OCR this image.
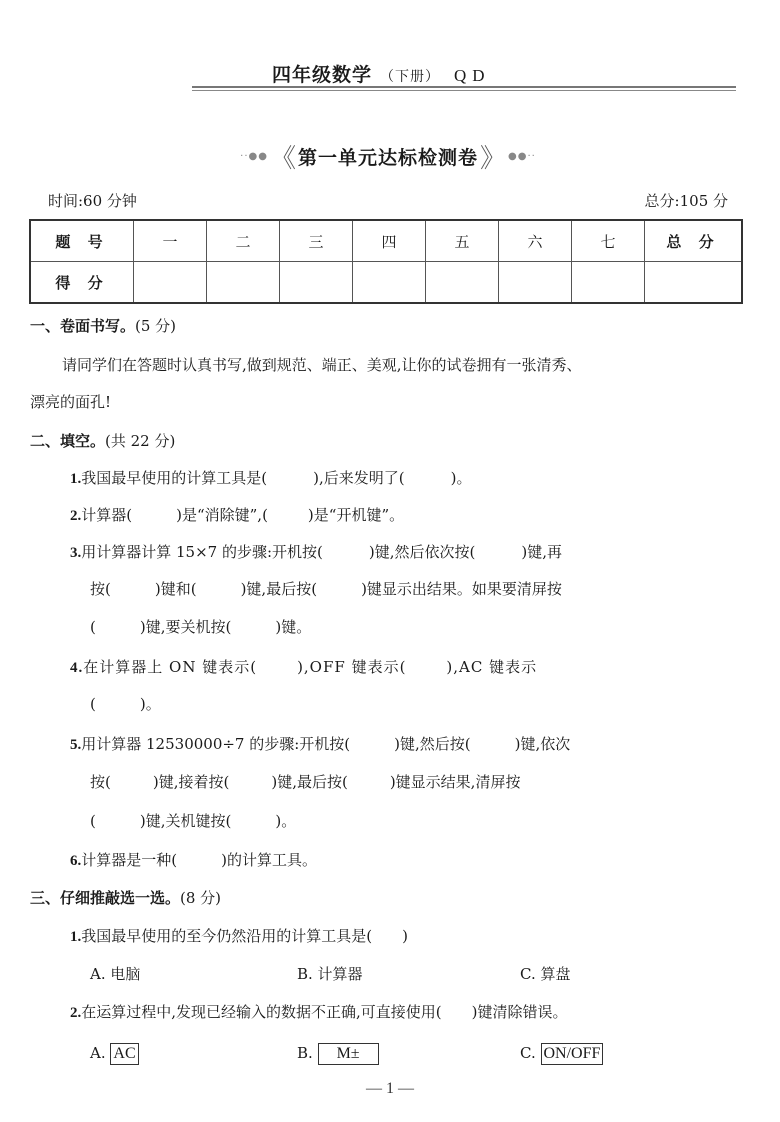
四年级数学 （下册） QD
··●● 《 第一单元达标检测卷 》 ●●··
时间:60 分钟	总分:105 分
题 号	一	二	三	四	五	六	七	总 分
得 分								
一、卷面书写。(5 分)
请同学们在答题时认真书写,做到规范、端正、美观,让你的试卷拥有一张清秀、
漂亮的面孔!
二、填空。(共 22 分)
1.我国最早使用的计算工具是(	),后来发明了(	)。
2.计算器(	)是“消除键”,(	)是“开机键”。
3.用计算器计算 15×7 的步骤:开机按(	)键,然后依次按(	)键,再
按(	)键和(	)键,最后按(	)键显示出结果。如果要清屏按
(	)键,要关机按(	)键。
4.在计算器上 ON 键表示(	),OFF 键表示(	),AC 键表示
(	)。
5.用计算器 12530000÷7 的步骤:开机按(	)键,然后按(	)键,依次
按(	)键,接着按(	)键,最后按(	)键显示结果,清屏按
(	)键,关机键按(	)。
6.计算器是一种(	)的计算工具。
三、仔细推敲选一选。(8 分)
1.我国最早使用的至今仍然沿用的计算工具是( )
A. 电脑	B. 计算器	C. 算盘
2.在运算过程中,发现已经输入的数据不正确,可直接使用( )键清除错误。
A. AC	B. M±	C. ON/OFF
— 1 —
